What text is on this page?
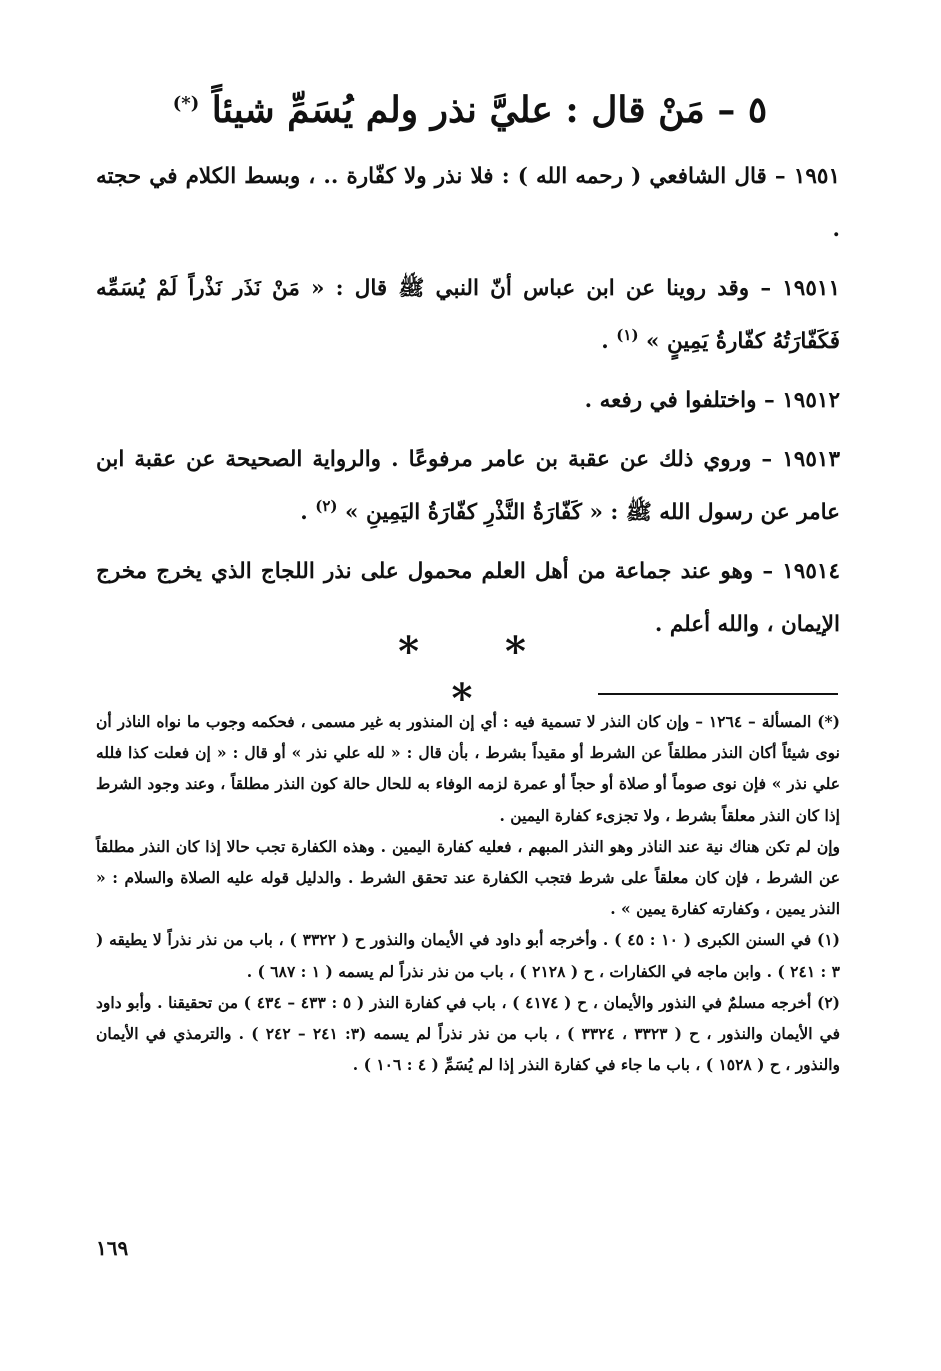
٥ – مَنْ قال : عليَّ نذر ولم يُسَمِّ شيئاً (*)

١٩٥١ – قال الشافعي ( رحمه الله ) : فلا نذر ولا كفّارة .. ، وبسط الكلام في حجته .

١٩٥١١ – وقد روينا عن ابن عباس أنّ النبي ﷺ قال : « مَنْ نَذَر نَذْراً لَمْ يُسَمِّه فَكَفّارَتُهُ كفّارةُ يَمِينٍ » $^{(١)}$ .

١٩٥١٢ – واختلفوا في رفعه .

١٩٥١٣ – وروي ذلك عن عقبة بن عامر مرفوعًا . والرواية الصحيحة عن عقبة ابن عامر عن رسول الله ﷺ : « كَفّارَةُ النَّذْرِ كفّارَةُ اليَمِينِ » $^{(٢)}$ .

١٩٥١٤ – وهو عند جماعة من أهل العلم محمول على نذر اللجاج الذي يخرج مخرج الإيمان ، والله أعلم .

* * *	(*) المسألة – ١٢٦٤ – وإن كان النذر لا تسمية فيه : أي إن المنذور به غير مسمى ، فحكمه وجوب ما نواه الناذر أن نوى شيئاً أكان النذر مطلقاً عن الشرط أو مقيداً بشرط ، بأن قال : « لله علي نذر » أو قال : « إن فعلت كذا فلله علي نذر » فإن نوى صوماً أو صلاة أو حجاً أو عمرة لزمه الوفاء به للحال حالة كون النذر مطلقاً ، وعند وجود الشرط إذا كان النذر معلقاً بشرط ، ولا تجزىء كفارة اليمين .

وإن لم تكن هناك نية عند الناذر وهو النذر المبهم ، فعليه كفارة اليمين . وهذه الكفارة تجب حالا إذا كان النذر مطلقاً عن الشرط ، فإن كان معلقاً على شرط فتجب الكفارة عند تحقق الشرط . والدليل قوله عليه الصلاة والسلام : « النذر يمين ، وكفارته كفارة يمين » .

(١) في السنن الكبرى ( ١٠ : ٤٥ ) . وأخرجه أبو داود في الأيمان والنذور ح ( ٣٣٢٢ ) ، باب من نذر نذراً لا يطيقه ( ٣ : ٢٤١ ) . وابن ماجه في الكفارات ، ح ( ٢١٢٨ ) ، باب من نذر نذراً لم يسمه ( ١ : ٦٨٧ ) .

(٢) أخرجه مسلمٌ في النذور والأيمان ، ح ( ٤١٧٤ ) ، باب في كفارة النذر ( ٥ : ٤٣٣ – ٤٣٤ ) من تحقيقنا . وأبو داود في الأيمان والنذور ، ح ( ٣٣٢٣ ، ٣٣٢٤ ) ، باب من نذر نذراً لم يسمه (٣: ٢٤١ – ٢٤٢ ) . والترمذي في الأيمان والنذور ، ح ( ١٥٢٨ ) ، باب ما جاء في كفارة النذر إذا لم يُسَمِّ ( ٤ : ١٠٦ ) .

١٦٩
